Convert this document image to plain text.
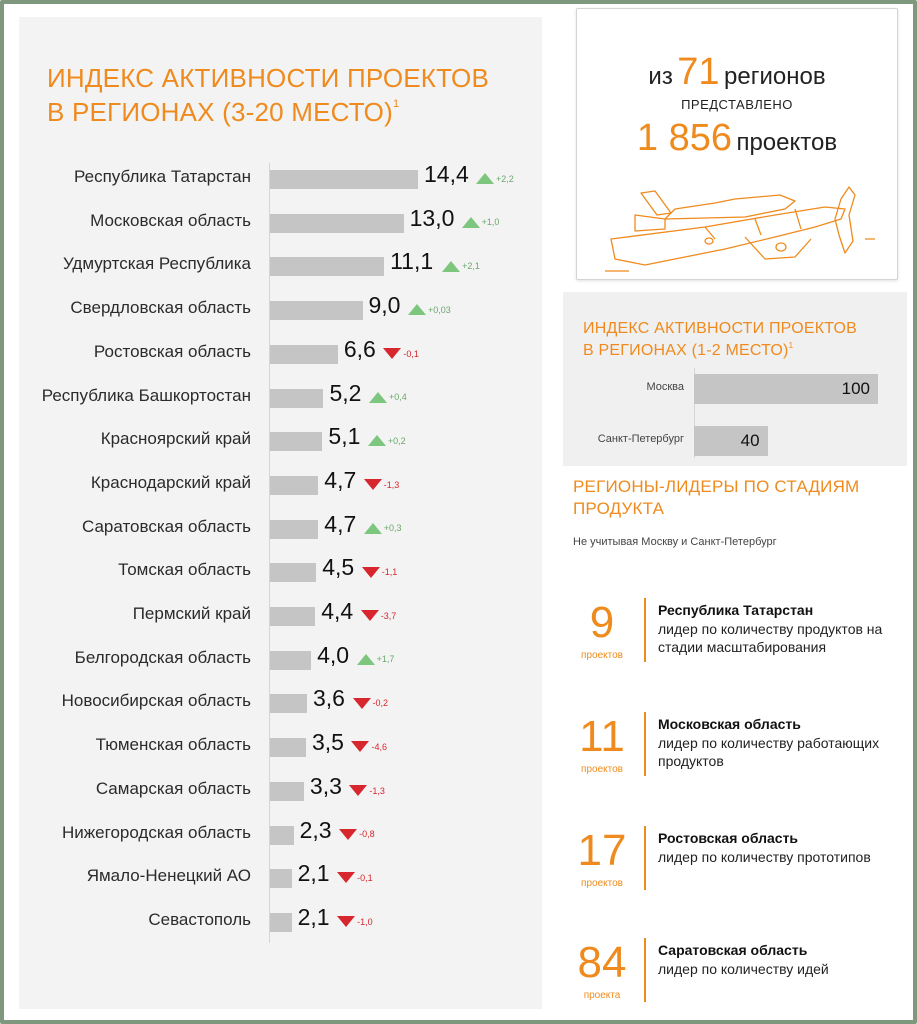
ИНДЕКС АКТИВНОСТИ ПРОЕКТОВ
В РЕГИОНАХ (3-20 МЕСТО)$^1$
Республика Татарстан	14,4	+2,2
Московская область	13,0	+1,0
Удмуртская Республика	11,1	+2,1
Свердловская область	9,0	+0,03
Ростовская область	6,6	-0,1
Республика Башкортостан	5,2	+0,4
Красноярский край	5,1	+0,2
Краснодарский край	4,7	-1,3
Саратовская область	4,7	+0,3
Томская область	4,5	-1,1
Пермский край	4,4	-3,7
Белгородская область	4,0	+1,7
Новосибирская область	3,6	-0,2
Тюменская область	3,5	-4,6
Самарская область	3,3	-1,3
Нижегородская область 2,3	-0,8
Ямало-Ненецкий АО 2,1	-0,1
Севастополь 2,1	-1,0
из 71 регионов
ПРЕДСТАВЛЕНО
1 856 проектов
ИНДЕКС АКТИВНОСТИ ПРОЕКТОВ
В РЕГИОНАХ (1-2 МЕСТО)$^1$
Москва	100
Санкт-Петербург	40
РЕГИОНЫ-ЛИДЕРЫ ПО СТАДИЯМ
ПРОДУКТА
Не учитывая Москву и Санкт-Петербург
9
проектов
Республика Татарстан
лидер по количеству продуктов на стадии масштабирования
11
проектов
Московская область
лидер по количеству работающих продуктов
17
проектов
Ростовская область
лидер по количеству прототипов
84
проекта
Саратовская область
лидер по количеству идей
